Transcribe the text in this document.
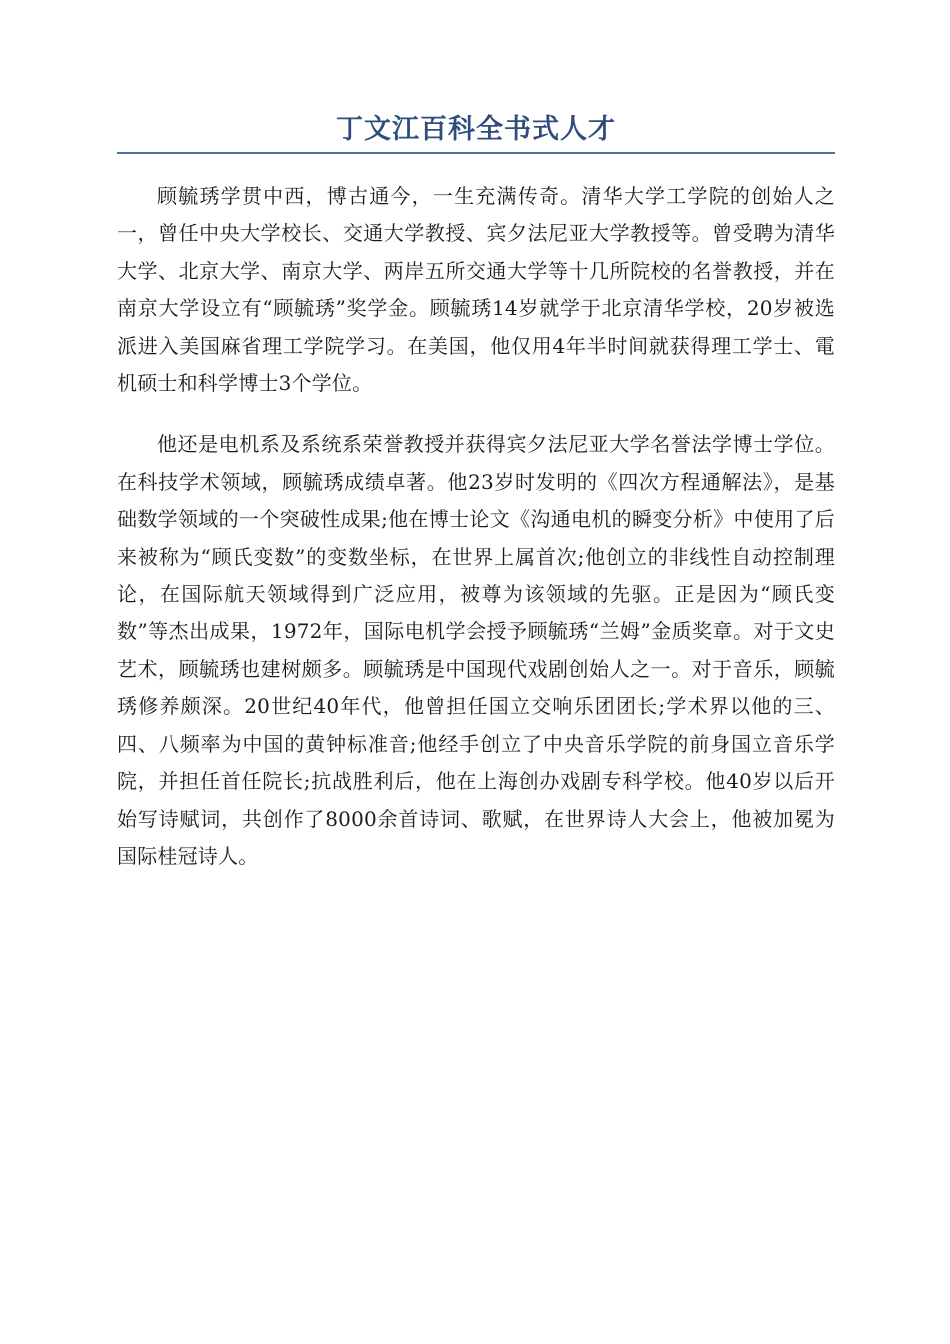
丁文江百科全书式人才

顾毓琇学贯中西，博古通今，一生充满传奇。清华大学工学院的创始人之一，曾任中央大学校长、交通大学教授、宾夕法尼亚大学教授等。曾受聘为清华大学、北京大学、南京大学、两岸五所交通大学等十几所院校的名誉教授，并在南京大学设立有“顾毓琇”奖学金。顾毓琇14岁就学于北京清华学校，20岁被选派进入美国麻省理工学院学习。在美国，他仅用4年半时间就获得理工学士、電机硕士和科学博士3个学位。

他还是电机系及系统系荣誉教授并获得宾夕法尼亚大学名誉法学博士学位。在科技学术领域，顾毓琇成绩卓著。他23岁时发明的《四次方程通解法》，是基础数学领域的一个突破性成果;他在博士论文《沟通电机的瞬变分析》中使用了后来被称为“顾氏变数”的变数坐标，在世界上属首次;他创立的非线性自动控制理论，在国际航天领域得到广泛应用，被尊为该领域的先驱。正是因为“顾氏变数”等杰出成果，1972年，国际电机学会授予顾毓琇“兰姆”金质奖章。对于文史艺术，顾毓琇也建树颇多。顾毓琇是中国现代戏剧创始人之一。对于音乐，顾毓琇修养颇深。20世纪40年代，他曾担任国立交响乐团团长;学术界以他的三、四、八频率为中国的黄钟标准音;他经手创立了中央音乐学院的前身国立音乐学院，并担任首任院长;抗战胜利后，他在上海创办戏剧专科学校。他40岁以后开始写诗赋词，共创作了8000余首诗词、歌赋，在世界诗人大会上，他被加冕为国际桂冠诗人。
